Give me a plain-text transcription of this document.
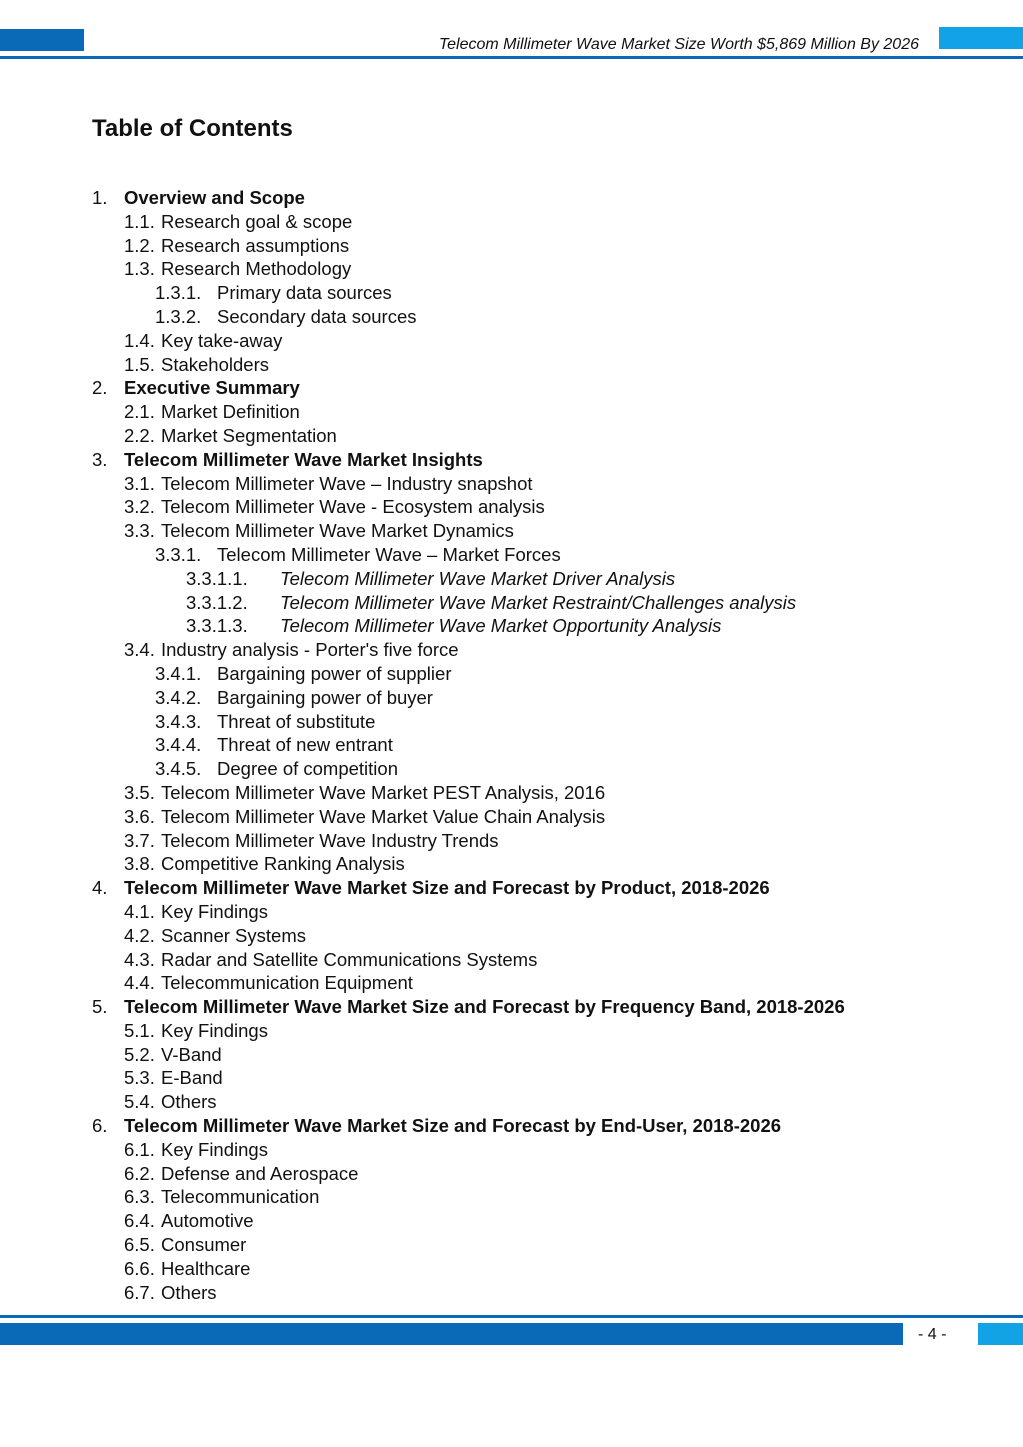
Telecom Millimeter Wave Market Size Worth $5,869 Million By 2026
Table of Contents
1. Overview and Scope
1.1. Research goal & scope
1.2. Research assumptions
1.3. Research Methodology
1.3.1. Primary data sources
1.3.2. Secondary data sources
1.4. Key take-away
1.5. Stakeholders
2. Executive Summary
2.1. Market Definition
2.2. Market Segmentation
3. Telecom Millimeter Wave Market Insights
3.1. Telecom Millimeter Wave – Industry snapshot
3.2. Telecom Millimeter Wave - Ecosystem analysis
3.3. Telecom Millimeter Wave Market Dynamics
3.3.1. Telecom Millimeter Wave – Market Forces
3.3.1.1. Telecom Millimeter Wave Market Driver Analysis
3.3.1.2. Telecom Millimeter Wave Market Restraint/Challenges analysis
3.3.1.3. Telecom Millimeter Wave Market Opportunity Analysis
3.4. Industry analysis - Porter's five force
3.4.1. Bargaining power of supplier
3.4.2. Bargaining power of buyer
3.4.3. Threat of substitute
3.4.4. Threat of new entrant
3.4.5. Degree of competition
3.5. Telecom Millimeter Wave Market PEST Analysis, 2016
3.6. Telecom Millimeter Wave Market Value Chain Analysis
3.7. Telecom Millimeter Wave Industry Trends
3.8. Competitive Ranking Analysis
4. Telecom Millimeter Wave Market Size and Forecast by Product, 2018-2026
4.1. Key Findings
4.2. Scanner Systems
4.3. Radar and Satellite Communications Systems
4.4. Telecommunication Equipment
5. Telecom Millimeter Wave Market Size and Forecast by Frequency Band, 2018-2026
5.1. Key Findings
5.2. V-Band
5.3. E-Band
5.4. Others
6. Telecom Millimeter Wave Market Size and Forecast by End-User, 2018-2026
6.1. Key Findings
6.2. Defense and Aerospace
6.3. Telecommunication
6.4. Automotive
6.5. Consumer
6.6. Healthcare
6.7. Others
- 4 -
